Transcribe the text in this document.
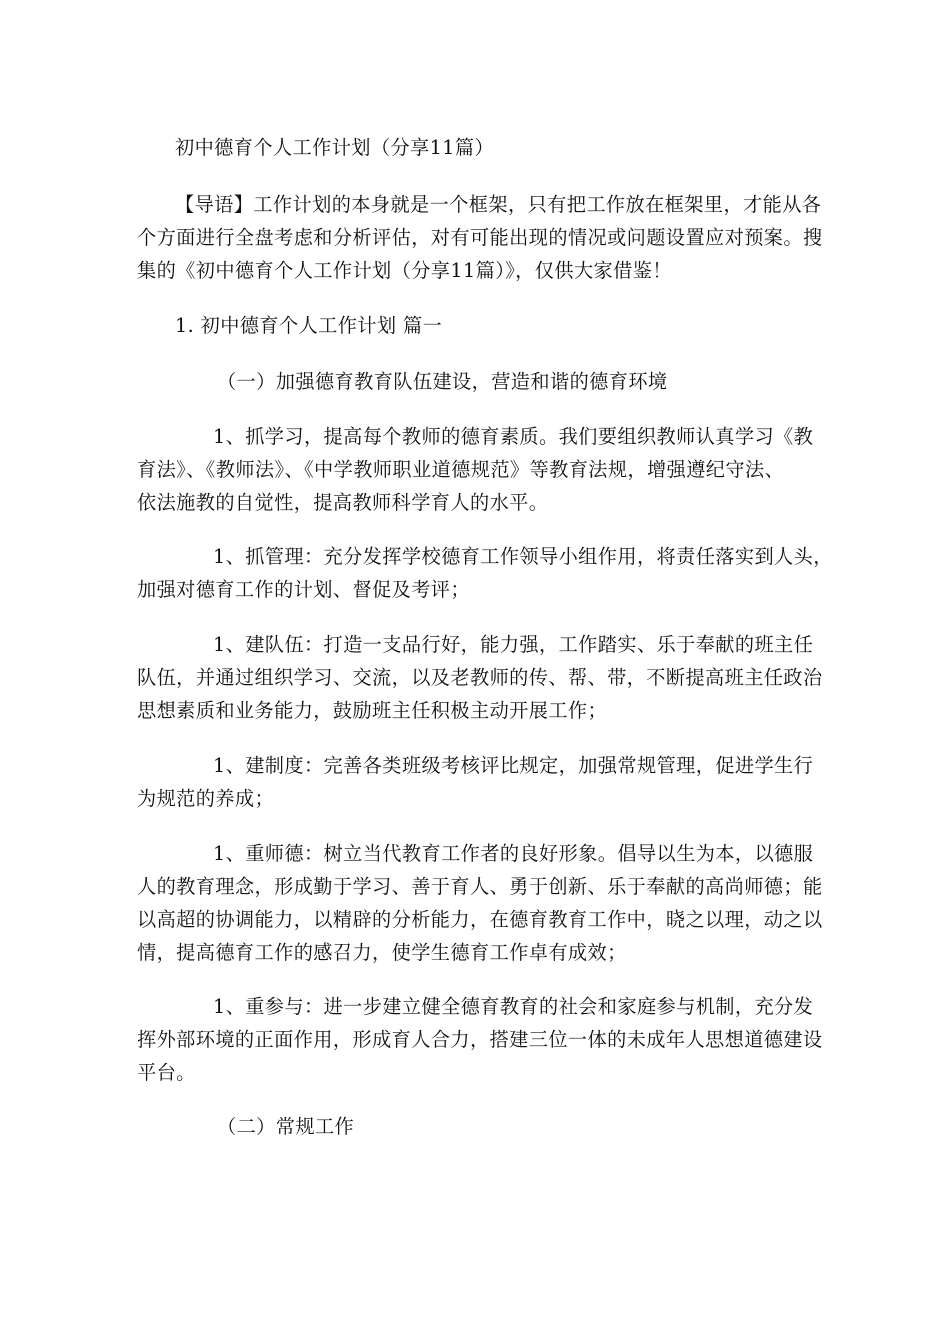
初中德育个人工作计划（分享11篇）
【导语】工作计划的本身就是一个框架，只有把工作放在框架里，才能从各
个方面进行全盘考虑和分析评估，对有可能出现的情况或问题设置应对预案。搜
集的《初中德育个人工作计划（分享11篇）》，仅供大家借鉴！
1. 初中德育个人工作计划 篇一
（一）加强德育教育队伍建设，营造和谐的德育环境
1、抓学习，提高每个教师的德育素质。我们要组织教师认真学习《教
育法》、《教师法》、《中学教师职业道德规范》等教育法规，增强遵纪守法、
依法施教的自觉性，提高教师科学育人的水平。
1、抓管理：充分发挥学校德育工作领导小组作用，将责任落实到人头，
加强对德育工作的计划、督促及考评；
1、建队伍：打造一支品行好，能力强，工作踏实、乐于奉献的班主任
队伍，并通过组织学习、交流，以及老教师的传、帮、带，不断提高班主任政治
思想素质和业务能力，鼓励班主任积极主动开展工作；
1、建制度：完善各类班级考核评比规定，加强常规管理，促进学生行
为规范的养成；
1、重师德：树立当代教育工作者的良好形象。倡导以生为本，以德服
人的教育理念，形成勤于学习、善于育人、勇于创新、乐于奉献的高尚师德；能
以高超的协调能力，以精辟的分析能力，在德育教育工作中，晓之以理，动之以
情，提高德育工作的感召力，使学生德育工作卓有成效；
1、重参与：进一步建立健全德育教育的社会和家庭参与机制，充分发
挥外部环境的正面作用，形成育人合力，搭建三位一体的未成年人思想道德建设
平台。
（二）常规工作
